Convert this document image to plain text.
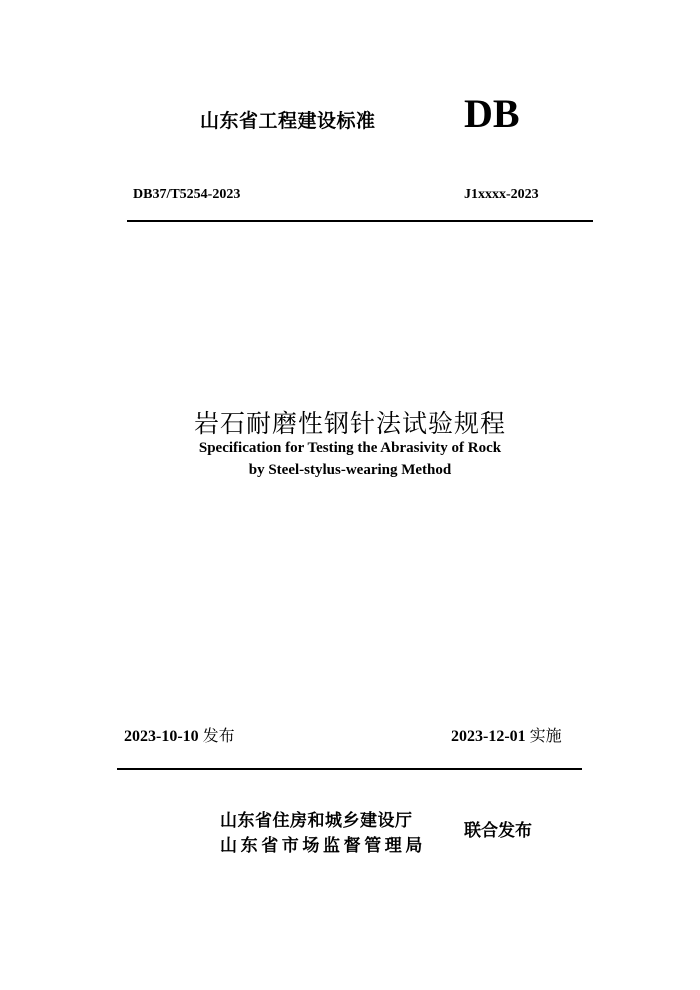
山东省工程建设标准 DB
DB37/T5254-2023	J1xxxx-2023
岩石耐磨性钢针法试验规程
Specification for Testing the Abrasivity of Rock
by Steel-stylus-wearing Method
2023-10-10 发布	2023-12-01 实施
山东省住房和城乡建设厅
山东省市场监督管理局
联合发布
